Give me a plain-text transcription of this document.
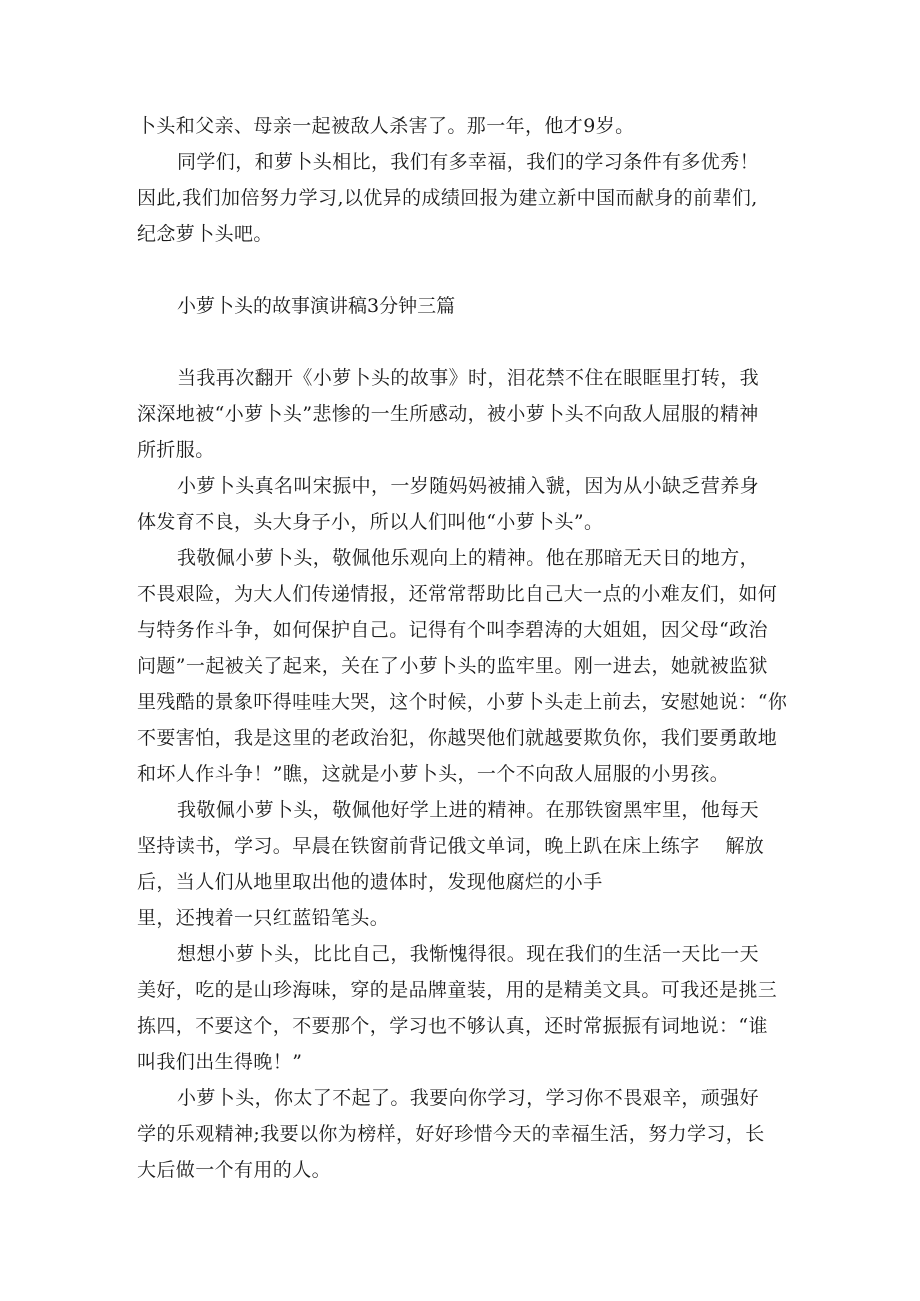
卜头和父亲、母亲一起被敌人杀害了。那一年，他才9岁。
同学们，和萝卜头相比，我们有多幸福，我们的学习条件有多优秀！
因此,我们加倍努力学习,以优异的成绩回报为建立新中国而献身的前辈们,
纪念萝卜头吧。
小萝卜头的故事演讲稿3分钟三篇
当我再次翻开《小萝卜头的故事》时，泪花禁不住在眼眶里打转，我
深深地被“小萝卜头”悲惨的一生所感动，被小萝卜头不向敌人屈服的精神
所折服。
小萝卜头真名叫宋振中，一岁随妈妈被捕入虢，因为从小缺乏营养身
体发育不良，头大身子小，所以人们叫他“小萝卜头”。
我敬佩小萝卜头，敬佩他乐观向上的精神。他在那暗无天日的地方，
不畏艰险，为大人们传递情报，还常常帮助比自己大一点的小难友们，如何
与特务作斗争，如何保护自己。记得有个叫李碧涛的大姐姐，因父母“政治
问题”一起被关了起来，关在了小萝卜头的监牢里。刚一进去，她就被监狱
里残酷的景象吓得哇哇大哭，这个时候，小萝卜头走上前去，安慰她说：“你
不要害怕，我是这里的老政治犯，你越哭他们就越要欺负你，我们要勇敢地
和坏人作斗争！”瞧，这就是小萝卜头，一个不向敌人屈服的小男孩。
我敬佩小萝卜头，敬佩他好学上进的精神。在那铁窗黑牢里，他每天
坚持读书，学习。早晨在铁窗前背记俄文单词，晚上趴在床上练字    解放
后，当人们从地里取出他的遗体时，发现他腐烂的小手
里，还拽着一只红蓝铅笔头。
想想小萝卜头，比比自己，我惭愧得很。现在我们的生活一天比一天
美好，吃的是山珍海味，穿的是品牌童装，用的是精美文具。可我还是挑三
拣四，不要这个，不要那个，学习也不够认真，还时常振振有词地说：“谁
叫我们出生得晚！”
小萝卜头，你太了不起了。我要向你学习，学习你不畏艰辛，顽强好
学的乐观精神;我要以你为榜样，好好珍惜今天的幸福生活，努力学习，长
大后做一个有用的人。
